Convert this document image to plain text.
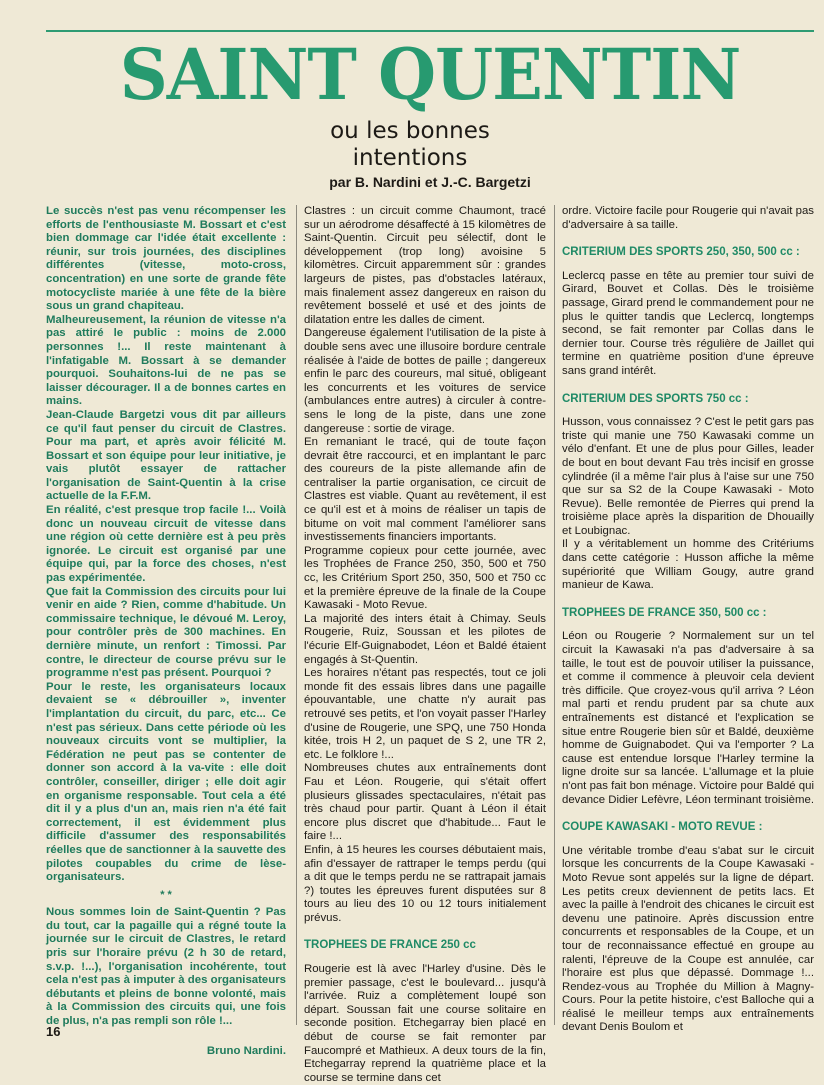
SAINT QUENTIN
ou les bonnes intentions
par B. Nardini et J.-C. Bargetzi

Le succès n'est pas venu récompenser les efforts de l'enthousiaste M. Bossart et c'est bien dommage car l'idée était excellente : réunir, sur trois journées, des disciplines différentes (vitesse, moto-cross, concentration) en une sorte de grande fête motocycliste mariée à une fête de la bière sous un grand chapiteau.

Malheureusement, la réunion de vitesse n'a pas attiré le public : moins de 2.000 personnes !... Il reste maintenant à l'infatigable M. Bossart à se demander pourquoi. Souhaitons-lui de ne pas se laisser décourager. Il a de bonnes cartes en mains.

Jean-Claude Bargetzi vous dit par ailleurs ce qu'il faut penser du circuit de Clastres. Pour ma part, et après avoir félicité M. Bossart et son équipe pour leur initiative, je vais plutôt essayer de rattacher l'organisation de Saint-Quentin à la crise actuelle de la F.F.M.

En réalité, c'est presque trop facile !... Voilà donc un nouveau circuit de vitesse dans une région où cette dernière est à peu près ignorée. Le circuit est organisé par une équipe qui, par la force des choses, n'est pas expérimentée.

Que fait la Commission des circuits pour lui venir en aide ? Rien, comme d'habitude. Un commissaire technique, le dévoué M. Leroy, pour contrôler près de 300 machines. En dernière minute, un renfort : Timossi. Par contre, le directeur de course prévu sur le programme n'est pas présent. Pourquoi ?

Pour le reste, les organisateurs locaux devaient se « débrouiller », inventer l'implantation du circuit, du parc, etc... Ce n'est pas sérieux. Dans cette période où les nouveaux circuits vont se multiplier, la Fédération ne peut pas se contenter de donner son accord à la va-vite : elle doit contrôler, conseiller, diriger ; elle doit agir en organisme responsable. Tout cela a été dit il y a plus d'un an, mais rien n'a été fait correctement, il est évidemment plus difficile d'assumer des responsabilités réelles que de sanctionner à la sauvette des pilotes coupables du crime de lèse-organisateurs.

* *

Nous sommes loin de Saint-Quentin ? Pas du tout, car la pagaille qui a régné toute la journée sur le circuit de Clastres, le retard pris sur l'horaire prévu (2 h 30 de retard, s.v.p. !...), l'organisation incohérente, tout cela n'est pas à imputer à des organisateurs débutants et pleins de bonne volonté, mais à la Commission des circuits qui, une fois de plus, n'a pas rempli son rôle !...

Bruno Nardini.

Clastres : un circuit comme Chaumont, tracé sur un aérodrome désaffecté à 15 kilomètres de Saint-Quentin. Circuit peu sélectif, dont le développement (trop long) avoisine 5 kilomètres. Circuit apparemment sûr : grandes largeurs de pistes, pas d'obstacles latéraux, mais finalement assez dangereux en raison du revêtement bosselé et usé et des joints de dilatation entre les dalles de ciment.

Dangereuse également l'utilisation de la piste à double sens avec une illusoire bordure centrale réalisée à l'aide de bottes de paille ; dangereux enfin le parc des coureurs, mal situé, obligeant les concurrents et les voitures de service (ambulances entre autres) à circuler à contre-sens le long de la piste, dans une zone dangereuse : sortie de virage.

En remaniant le tracé, qui de toute façon devrait être raccourci, et en implantant le parc des coureurs de la piste allemande afin de centraliser la partie organisation, ce circuit de Clastres est viable. Quant au revêtement, il est ce qu'il est et à moins de réaliser un tapis de bitume on voit mal comment l'améliorer sans investissements financiers importants.

Programme copieux pour cette journée, avec les Trophées de France 250, 350, 500 et 750 cc, les Critérium Sport 250, 350, 500 et 750 cc et la première épreuve de la finale de la Coupe Kawasaki - Moto Revue.

La majorité des inters était à Chimay. Seuls Rougerie, Ruiz, Soussan et les pilotes de l'écurie Elf-Guignabodet, Léon et Baldé étaient engagés à St-Quentin.

Les horaires n'étant pas respectés, tout ce joli monde fit des essais libres dans une pagaille épouvantable, une chatte n'y aurait pas retrouvé ses petits, et l'on voyait passer l'Harley d'usine de Rougerie, une SPQ, une 750 Honda kitée, trois H 2, un paquet de S 2, une TR 2, etc. Le folklore !...

Nombreuses chutes aux entraînements dont Fau et Léon. Rougerie, qui s'était offert plusieurs glissades spectaculaires, n'était pas très chaud pour partir. Quant à Léon il était encore plus discret que d'habitude... Faut le faire !...

Enfin, à 15 heures les courses débutaient mais, afin d'essayer de rattraper le temps perdu (qui a dit que le temps perdu ne se rattrapait jamais ?) toutes les épreuves furent disputées sur 8 tours au lieu des 10 ou 12 tours initialement prévus.

TROPHEES DE FRANCE 250 cc

Rougerie est là avec l'Harley d'usine. Dès le premier passage, c'est le boulevard... jusqu'à l'arrivée. Ruiz a complètement loupé son départ. Soussan fait une course solitaire en seconde position. Etchegarray bien placé en début de course se fait remonter par Faucompré et Mathieux. A deux tours de la fin, Etchegarray reprend la quatrième place et la course se termine dans cet

ordre. Victoire facile pour Rougerie qui n'avait pas d'adversaire à sa taille.

CRITERIUM DES SPORTS 250, 350, 500 cc :

Leclercq passe en tête au premier tour suivi de Girard, Bouvet et Collas. Dès le troisième passage, Girard prend le commandement pour ne plus le quitter tandis que Leclercq, longtemps second, se fait remonter par Collas dans le dernier tour. Course très régulière de Jaillet qui termine en quatrième position d'une épreuve sans grand intérêt.

CRITERIUM DES SPORTS 750 cc :

Husson, vous connaissez ? C'est le petit gars pas triste qui manie une 750 Kawasaki comme un vélo d'enfant. Et une de plus pour Gilles, leader de bout en bout devant Fau très incisif en grosse cylindrée (il a même l'air plus à l'aise sur une 750 que sur sa S2 de la Coupe Kawasaki - Moto Revue). Belle remontée de Pierres qui prend la troisième place après la disparition de Dhouailly et Loubignac.
Il y a véritablement un homme des Critériums dans cette catégorie : Husson affiche la même supériorité que William Gougy, autre grand manieur de Kawa.

TROPHEES DE FRANCE 350, 500 cc :

Léon ou Rougerie ? Normalement sur un tel circuit la Kawasaki n'a pas d'adversaire à sa taille, le tout est de pouvoir utiliser la puissance, et comme il commence à pleuvoir cela devient très difficile. Que croyez-vous qu'il arriva ? Léon mal parti et rendu prudent par sa chute aux entraînements est distancé et l'explication se situe entre Rougerie bien sûr et Baldé, deuxième homme de Guignabodet. Qui va l'emporter ? La cause est entendue lorsque l'Harley termine la ligne droite sur sa lancée. L'allumage et la pluie n'ont pas fait bon ménage. Victoire pour Baldé qui devance Didier Lefèvre, Léon terminant troisième.

COUPE KAWASAKI - MOTO REVUE :

Une véritable trombe d'eau s'abat sur le circuit lorsque les concurrents de la Coupe Kawasaki - Moto Revue sont appelés sur la ligne de départ. Les petits creux deviennent de petits lacs. Et avec la paille à l'endroit des chicanes le circuit est devenu une patinoire. Après discussion entre concurrents et responsables de la Coupe, et un tour de reconnaissance effectué en groupe au ralenti, l'épreuve de la Coupe est annulée, car l'horaire est plus que dépassé. Dommage !... Rendez-vous au Trophée du Million à Magny-Cours. Pour la petite histoire, c'est Balloche qui a réalisé le meilleur temps aux entraînements devant Denis Boulom et

16
